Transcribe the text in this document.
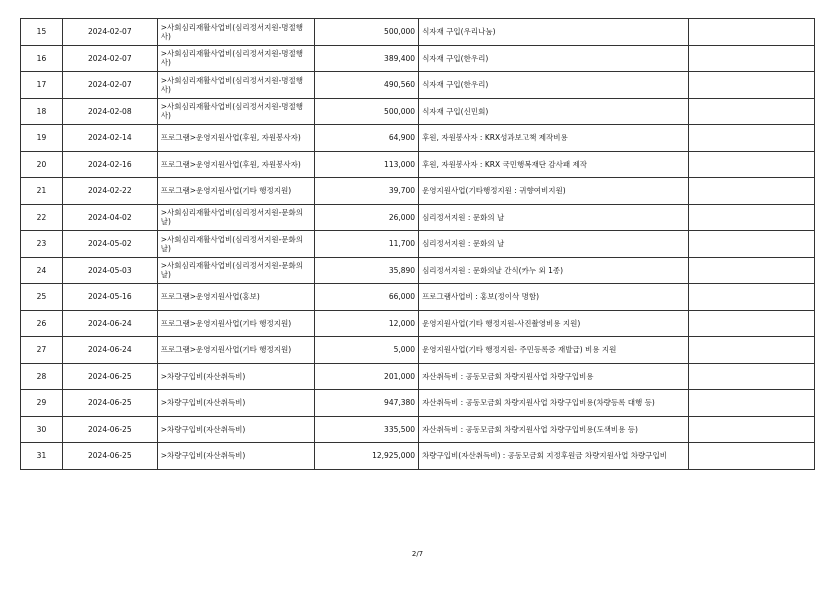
15	2024-02-07	>사회심리재활사업비(심리정서지원-명절행사)	500,000	식자재 구입(우리나눔)	
16	2024-02-07	>사회심리재활사업비(심리정서지원-명절행사)	389,400	식자재 구입(한우리)	
17	2024-02-07	>사회심리재활사업비(심리정서지원-명절행사)	490,560	식자재 구입(한우리)	
18	2024-02-08	>사회심리재활사업비(심리정서지원-명절행사)	500,000	식자재 구입(신민회)	
19	2024-02-14	프로그램>운영지원사업(후원, 자원봉사자)	64,900	후원, 자원봉사자 : KRX성과보고책 제작비용	
20	2024-02-16	프로그램>운영지원사업(후원, 자원봉사자)	113,000	후원, 자원봉사자 : KRX 국민행복재단 감사패 제작	
21	2024-02-22	프로그램>운영지원사업(기타 행정지원)	39,700	운영지원사업(기타행정지원 : 귀향여비지원)	
22	2024-04-02	>사회심리재활사업비(심리정서지원-문화의날)	26,000	심리정서지원 : 문화의 날	
23	2024-05-02	>사회심리재활사업비(심리정서지원-문화의날)	11,700	심리정서지원 : 문화의 날	
24	2024-05-03	>사회심리재활사업비(심리정서지원-문화의날)	35,890	심리정서지원 : 문화의날 간식(카누 외 1종)	
25	2024-05-16	프로그램>운영지원사업(홍보)	66,000	프로그램사업비 : 홍보(정이삭 명함)	
26	2024-06-24	프로그램>운영지원사업(기타 행정지원)	12,000	운영지원사업(기타 행정지원-사진촬영비용 지원)	
27	2024-06-24	프로그램>운영지원사업(기타 행정지원)	5,000	운영지원사업(기타 행정지원- 주민등록증 재발급) 비용 지원	
28	2024-06-25	>차량구입비(자산취득비)	201,000	자산취득비 : 공동모금회 차량지원사업 차량구입비용	
29	2024-06-25	>차량구입비(자산취득비)	947,380	자산취득비 : 공동모금회 차량지원사업 차량구입비용(차량등록 대행 등)	
30	2024-06-25	>차량구입비(자산취득비)	335,500	자산취득비 : 공동모금회 차량지원사업 차량구입비용(도색비용 등)	
31	2024-06-25	>차량구입비(자산취득비)	12,925,000	차량구입비(자산취득비) : 공동모금회 지정후원금 차량지원사업 차량구입비	
2/7
